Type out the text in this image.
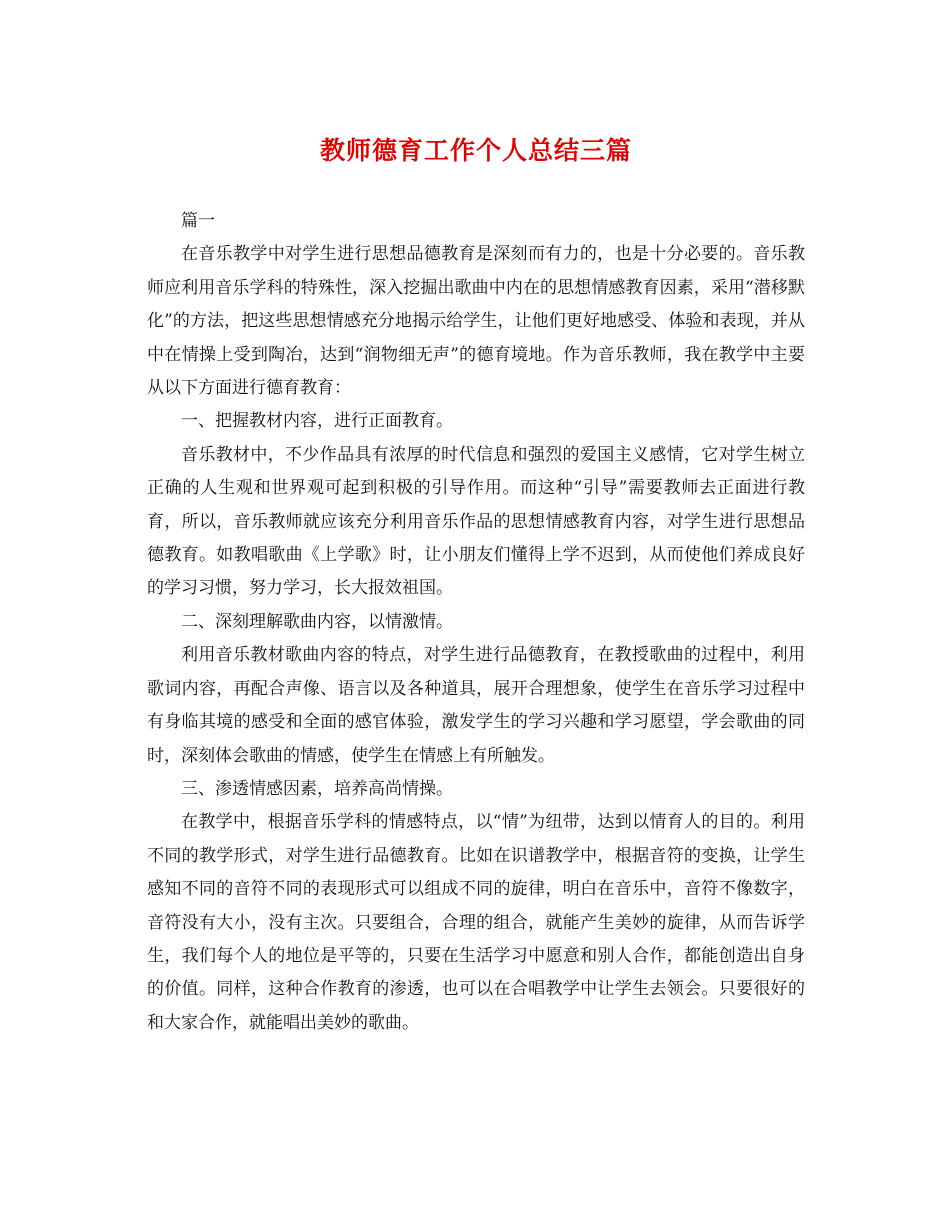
教师德育工作个人总结三篇

篇一

在音乐教学中对学生进行思想品德教育是深刻而有力的，也是十分必要的。音乐教师应利用音乐学科的特殊性，深入挖掘出歌曲中内在的思想情感教育因素，采用“潜移默化”的方法，把这些思想情感充分地揭示给学生，让他们更好地感受、体验和表现，并从中在情操上受到陶冶，达到“润物细无声”的德育境地。作为音乐教师，我在教学中主要从以下方面进行德育教育：

一、把握教材内容，进行正面教育。

音乐教材中，不少作品具有浓厚的时代信息和强烈的爱国主义感情，它对学生树立正确的人生观和世界观可起到积极的引导作用。而这种“引导”需要教师去正面进行教育，所以，音乐教师就应该充分利用音乐作品的思想情感教育内容，对学生进行思想品德教育。如教唱歌曲《上学歌》时，让小朋友们懂得上学不迟到，从而使他们养成良好的学习习惯，努力学习，长大报效祖国。

二、深刻理解歌曲内容，以情激情。

利用音乐教材歌曲内容的特点，对学生进行品德教育，在教授歌曲的过程中，利用歌词内容，再配合声像、语言以及各种道具，展开合理想象，使学生在音乐学习过程中有身临其境的感受和全面的感官体验，激发学生的学习兴趣和学习愿望，学会歌曲的同时，深刻体会歌曲的情感，使学生在情感上有所触发。

三、渗透情感因素，培养高尚情操。

在教学中，根据音乐学科的情感特点，以“情”为纽带，达到以情育人的目的。利用不同的教学形式，对学生进行品德教育。比如在识谱教学中，根据音符的变换，让学生感知不同的音符不同的表现形式可以组成不同的旋律，明白在音乐中，音符不像数字，音符没有大小，没有主次。只要组合，合理的组合，就能产生美妙的旋律，从而告诉学生，我们每个人的地位是平等的，只要在生活学习中愿意和别人合作，都能创造出自身的价值。同样，这种合作教育的渗透，也可以在合唱教学中让学生去领会。只要很好的和大家合作，就能唱出美妙的歌曲。
